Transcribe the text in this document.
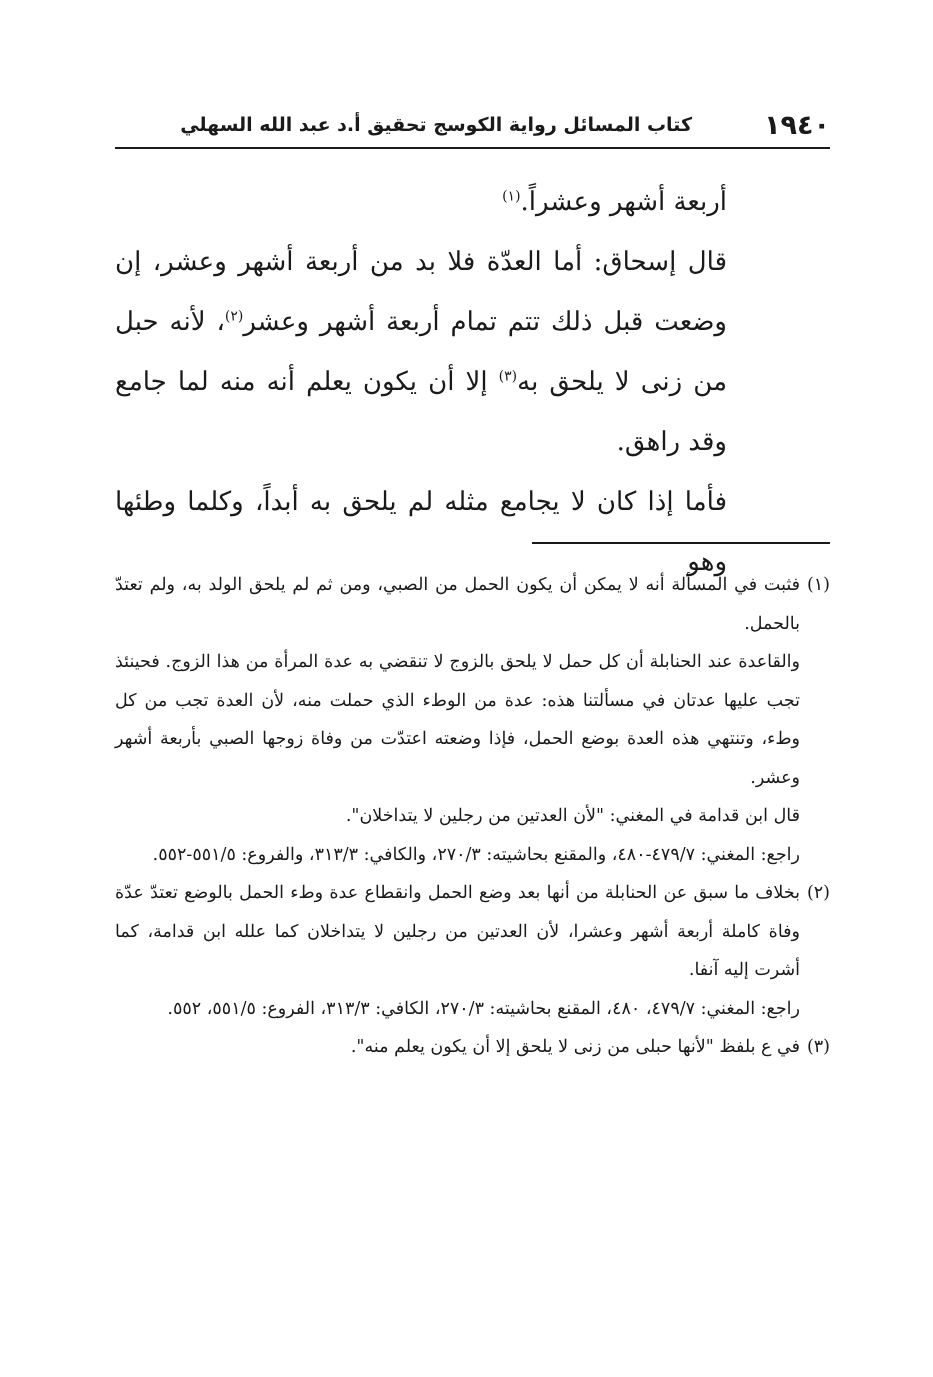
١٩٤٠
كتاب المسائل رواية الكوسج تحقيق أ.د عبد الله السهلي

أربعة أشهر وعشراً.$^{(١)}$

قال إسحاق: أما العدّة فلا بد من أربعة أشهر وعشر، إن وضعت قبل ذلك تتم تمام أربعة أشهر وعشر$^{(٢)}$، لأنه حبل من زنى لا يلحق به$^{(٣)}$ إلا أن يكون يعلم أنه منه لما جامع وقد راهق.

فأما إذا كان لا يجامع مثله لم يلحق به أبداً، وكلما وطئها وهو

(١)

فثبت في المسألة أنه لا يمكن أن يكون الحمل من الصبي، ومن ثم لم يلحق الولد به، ولم تعتدّ بالحمل.

والقاعدة عند الحنابلة أن كل حمل لا يلحق بالزوج لا تنقضي به عدة المرأة من هذا الزوج. فحينئذ تجب عليها عدتان في مسألتنا هذه: عدة من الوطء الذي حملت منه، لأن العدة تجب من كل وطء، وتنتهي هذه العدة بوضع الحمل، فإذا وضعته اعتدّت من وفاة زوجها الصبي بأربعة أشهر وعشر.

قال ابن قدامة في المغني: "لأن العدتين من رجلين لا يتداخلان".

راجع: المغني: ٤٧٩/٧-٤٨٠، والمقنع بحاشيته: ٢٧٠/٣، والكافي: ٣١٣/٣، والفروع: ٥٥١/٥-٥٥٢.

(٢)

بخلاف ما سبق عن الحنابلة من أنها بعد وضع الحمل وانقطاع عدة وطء الحمل بالوضع تعتدّ عدّة وفاة كاملة أربعة أشهر وعشرا، لأن العدتين من رجلين لا يتداخلان كما علله ابن قدامة، كما أشرت إليه آنفا.

راجع: المغني: ٤٧٩/٧، ٤٨٠، المقنع بحاشيته: ٢٧٠/٣، الكافي: ٣١٣/٣، الفروع: ٥٥١/٥، ٥٥٢.

(٣)

في ع بلفظ "لأنها حبلى من زنى لا يلحق إلا أن يكون يعلم منه".
